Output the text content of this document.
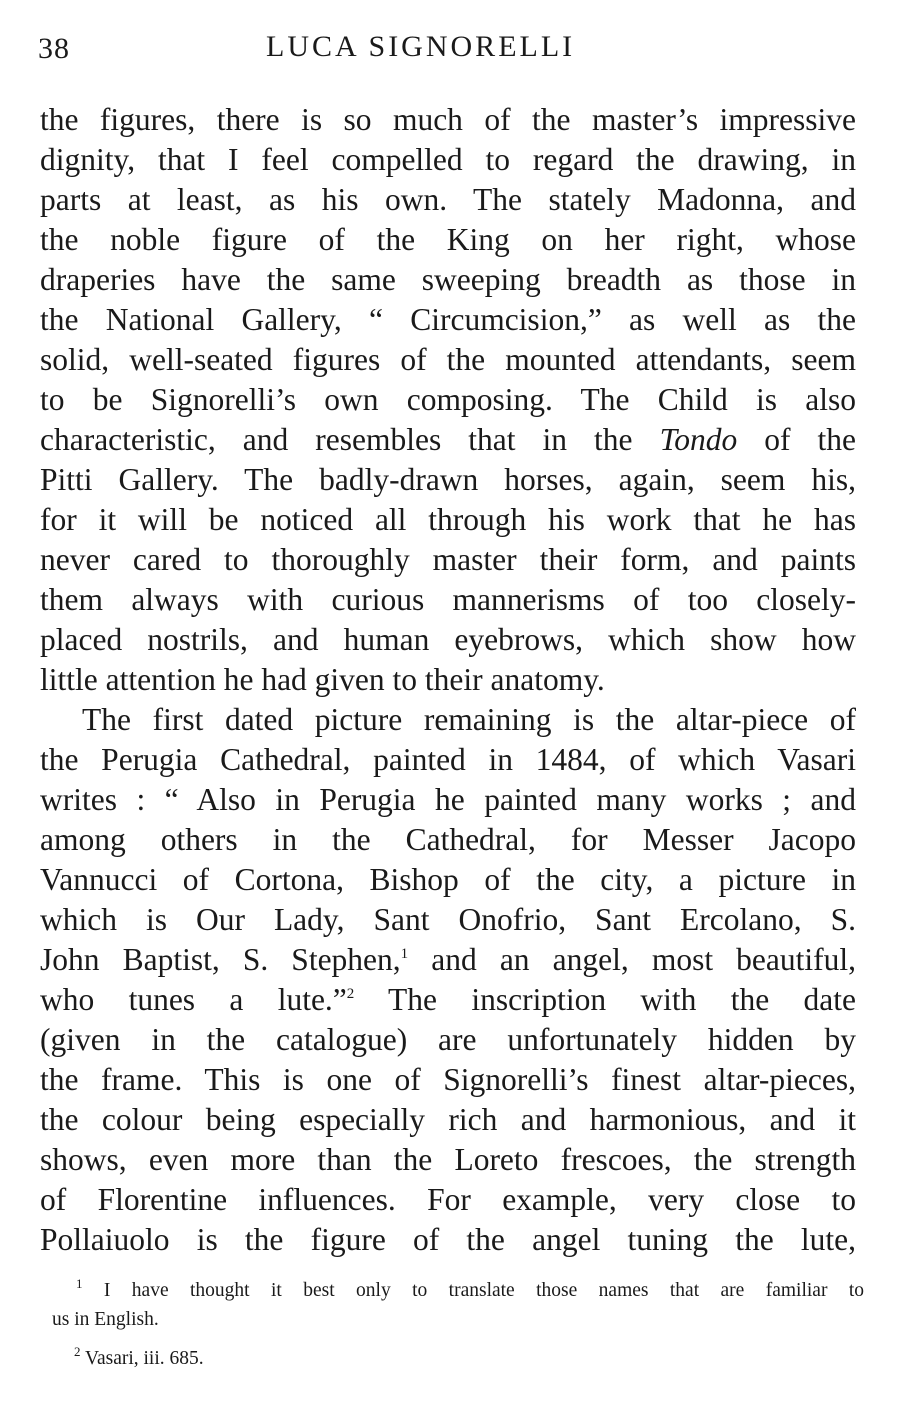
38	LUCA SIGNORELLI
the figures, there is so much of the master’s impressive
dignity, that I feel compelled to regard the drawing, in
parts at least, as his own. The stately Madonna, and
the noble figure of the King on her right, whose
draperies have the same sweeping breadth as those in
the National Gallery, “ Circumcision,” as well as the
solid, well-seated figures of the mounted attendants, seem
to be Signorelli’s own composing. The Child is also
characteristic, and resembles that in the Tondo of the
Pitti Gallery. The badly-drawn horses, again, seem his,
for it will be noticed all through his work that he has
never cared to thoroughly master their form, and paints
them always with curious mannerisms of too closely-
placed nostrils, and human eyebrows, which show how
little attention he had given to their anatomy.
The first dated picture remaining is the altar-piece of
the Perugia Cathedral, painted in 1484, of which Vasari
writes : “ Also in Perugia he painted many works ; and
among others in the Cathedral, for Messer Jacopo
Vannucci of Cortona, Bishop of the city, a picture in
which is Our Lady, Sant Onofrio, Sant Ercolano, S.
John Baptist, S. Stephen,$^1$ and an angel, most beautiful,
who tunes a lute.”$^2$ The inscription with the date
(given in the catalogue) are unfortunately hidden by
the frame. This is one of Signorelli’s finest altar-pieces,
the colour being especially rich and harmonious, and it
shows, even more than the Loreto frescoes, the strength
of Florentine influences. For example, very close to
Pollaiuolo is the figure of the angel tuning the lute,
$^1$ I have thought it best only to translate those names that are familiar to
us in English.
$^2$ Vasari, iii. 685.
